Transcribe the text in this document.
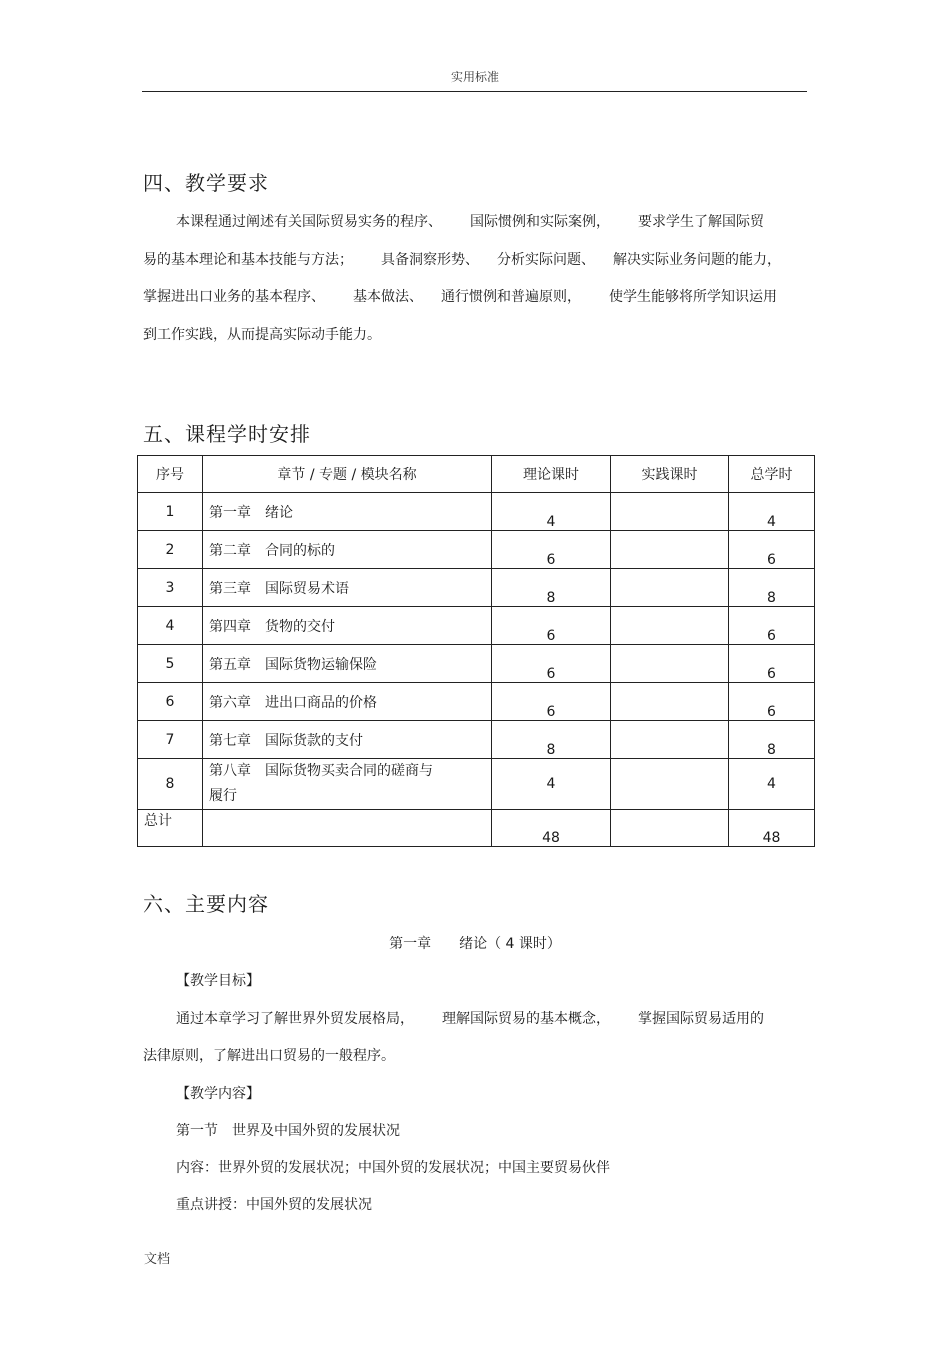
实用标准
四、教学要求

本课程通过阐述有关国际贸易实务的程序、 国际惯例和实际案例， 要求学生了解国际贸

易的基本理论和基本技能与方法； 具备洞察形势、 分析实际问题、 解决实际业务问题的能力，

掌握进出口业务的基本程序、 基本做法、 通行惯例和普遍原则， 使学生能够将所学知识运用

到工作实践，从而提高实际动手能力。

五、课程学时安排
序号	章节 / 专题 / 模块名称	理论课时	实践课时	总学时
1	第一章 绪论	4		4
2	第二章 合同的标的	6		6
3	第三章 国际贸易术语	8		8
4	第四章 货物的交付	6		6
5	第五章 国际货物运输保险	6		6
6	第六章 进出口商品的价格	6		6
7	第七章 国际货款的支付	8		8
8	第八章 国际货物买卖合同的磋商与
履行	4		4
总计		48		48
六、主要内容
第一章 绪论（ 4 课时）

【教学目标】

通过本章学习了解世界外贸发展格局， 理解国际贸易的基本概念， 掌握国际贸易适用的

法律原则，了解进出口贸易的一般程序。

【教学内容】

第一节　世界及中国外贸的发展状况

内容：世界外贸的发展状况；中国外贸的发展状况；中国主要贸易伙伴

重点讲授：中国外贸的发展状况

文档
